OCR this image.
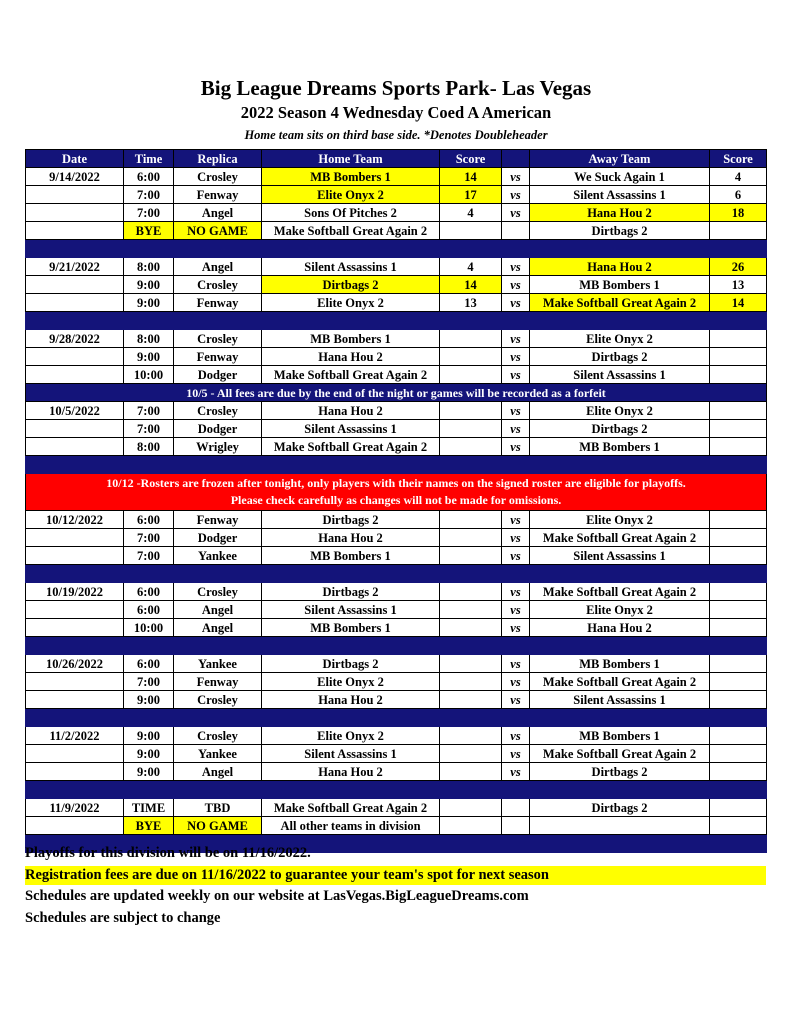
Big League Dreams Sports Park- Las Vegas
2022 Season 4 Wednesday Coed A American
Home team sits on third base side. *Denotes Doubleheader
Date	Time	Replica	Home Team	Score		Away Team	Score
9/14/2022	6:00	Crosley	MB Bombers 1	14	vs	We Suck Again 1	4
	7:00	Fenway	Elite Onyx 2	17	vs	Silent Assassins 1	6
	7:00	Angel	Sons Of Pitches 2	4	vs	Hana Hou 2	18
	BYE	NO GAME	Make Softball Great Again 2			Dirtbags 2	

9/21/2022	8:00	Angel	Silent Assassins 1	4	vs	Hana Hou 2	26
	9:00	Crosley	Dirtbags 2	14	vs	MB Bombers 1	13
	9:00	Fenway	Elite Onyx 2	13	vs	Make Softball Great Again 2	14

9/28/2022	8:00	Crosley	MB Bombers 1		vs	Elite Onyx 2	
	9:00	Fenway	Hana Hou 2		vs	Dirtbags 2	
	10:00	Dodger	Make Softball Great Again 2		vs	Silent Assassins 1	
10/5 - All fees are due by the end of the night or games will be recorded as a forfeit							
10/5/2022	7:00	Crosley	Hana Hou 2		vs	Elite Onyx 2	
	7:00	Dodger	Silent Assassins 1		vs	Dirtbags 2	
	8:00	Wrigley	Make Softball Great Again 2		vs	MB Bombers 1	

10/12 -Rosters are frozen after tonight, only players with their names on the signed roster are eligible for playoffs.
Please check carefully as changes will not be made for omissions.							

10/12/2022	6:00	Fenway	Dirtbags 2		vs	Elite Onyx 2	
	7:00	Dodger	Hana Hou 2		vs	Make Softball Great Again 2	
	7:00	Yankee	MB Bombers 1		vs	Silent Assassins 1	

10/19/2022	6:00	Crosley	Dirtbags 2		vs	Make Softball Great Again 2	
	6:00	Angel	Silent Assassins 1		vs	Elite Onyx 2	
	10:00	Angel	MB Bombers 1		vs	Hana Hou 2	

10/26/2022	6:00	Yankee	Dirtbags 2		vs	MB Bombers 1	
	7:00	Fenway	Elite Onyx 2		vs	Make Softball Great Again 2	
	9:00	Crosley	Hana Hou 2		vs	Silent Assassins 1	

11/2/2022	9:00	Crosley	Elite Onyx 2		vs	MB Bombers 1	
	9:00	Yankee	Silent Assassins 1		vs	Make Softball Great Again 2	
	9:00	Angel	Hana Hou 2		vs	Dirtbags 2	

11/9/2022	TIME	TBD	Make Softball Great Again 2			Dirtbags 2	
	BYE	NO GAME	All other teams in division				

Playoffs for this division will be on 11/16/2022.
Registration fees are due on 11/16/2022 to guarantee your team's spot for next season
Schedules are updated weekly on our website at LasVegas.BigLeagueDreams.com
Schedules are subject to change
